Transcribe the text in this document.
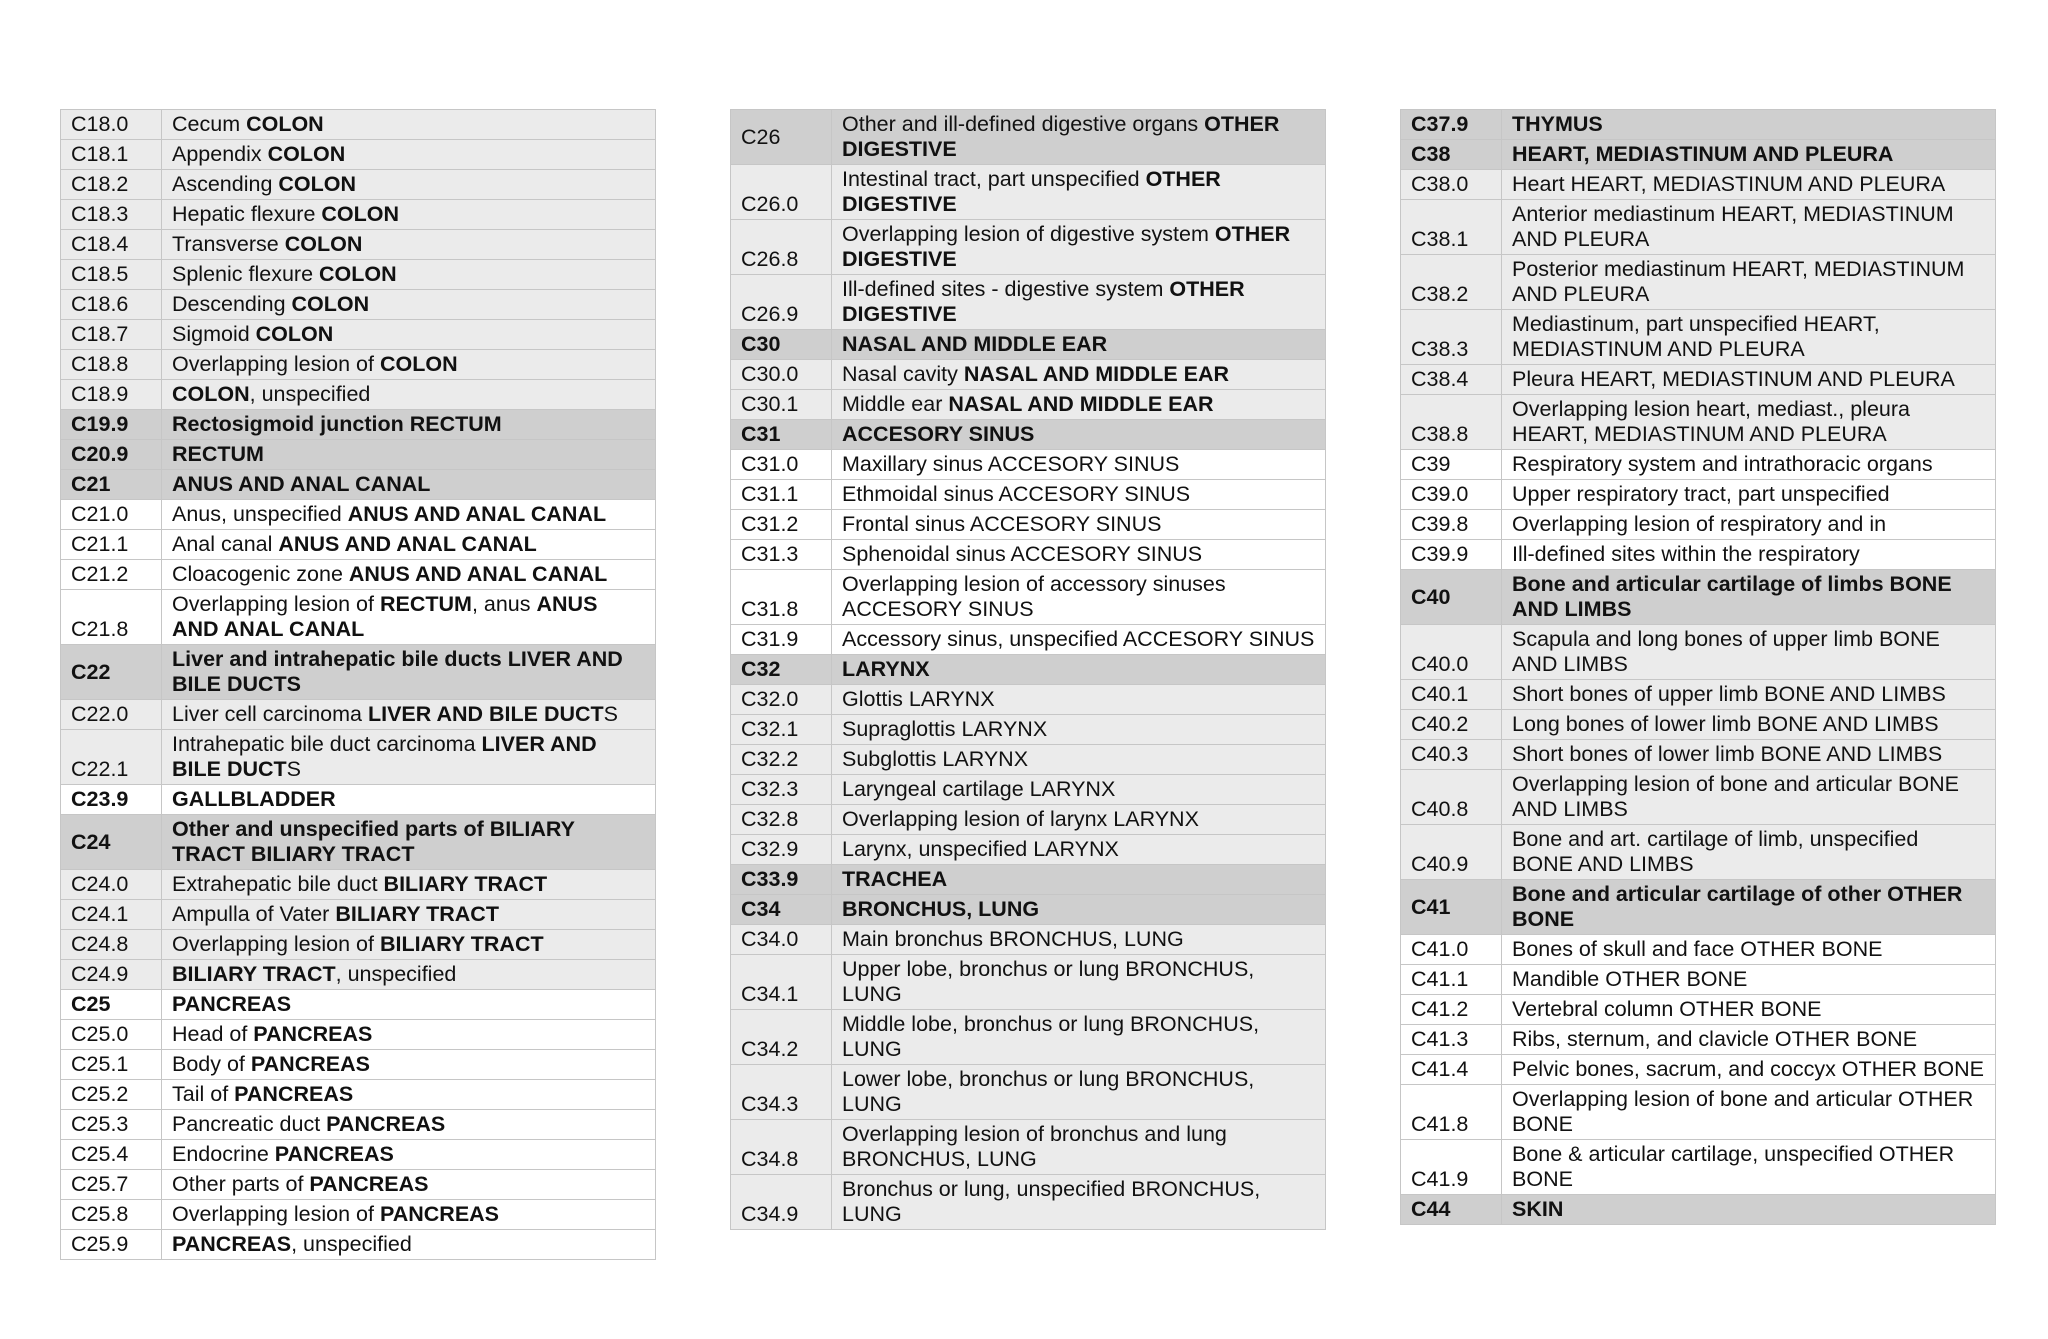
C18.0	Cecum COLON
C18.1	Appendix COLON
C18.2	Ascending COLON
C18.3	Hepatic flexure COLON
C18.4	Transverse COLON
C18.5	Splenic flexure COLON
C18.6	Descending COLON
C18.7	Sigmoid COLON
C18.8	Overlapping lesion of COLON
C18.9	COLON, unspecified
C19.9	Rectosigmoid junction RECTUM
C20.9	RECTUM
C21	ANUS AND ANAL CANAL
C21.0	Anus, unspecified ANUS AND ANAL CANAL
C21.1	Anal canal ANUS AND ANAL CANAL
C21.2	Cloacogenic zone ANUS AND ANAL CANAL
C21.8	Overlapping lesion of RECTUM, anus ANUS AND ANAL CANAL
C22	Liver and intrahepatic bile ducts LIVER AND BILE DUCTS
C22.0	Liver cell carcinoma LIVER AND BILE DUCTS
C22.1	Intrahepatic bile duct carcinoma LIVER AND BILE DUCTS
C23.9	GALLBLADDER
C24	Other and unspecified parts of BILIARY TRACT BILIARY TRACT
C24.0	Extrahepatic bile duct BILIARY TRACT
C24.1	Ampulla of Vater BILIARY TRACT
C24.8	Overlapping lesion of BILIARY TRACT
C24.9	BILIARY TRACT, unspecified
C25	PANCREAS
C25.0	Head of PANCREAS
C25.1	Body of PANCREAS
C25.2	Tail of PANCREAS
C25.3	Pancreatic duct PANCREAS
C25.4	Endocrine PANCREAS
C25.7	Other parts of PANCREAS
C25.8	Overlapping lesion of PANCREAS
C25.9	PANCREAS, unspecified
C26	Other and ill-defined digestive organs OTHER DIGESTIVE
C26.0	Intestinal tract, part unspecified OTHER DIGESTIVE
C26.8	Overlapping lesion of digestive system OTHER DIGESTIVE
C26.9	Ill-defined sites - digestive system OTHER DIGESTIVE
C30	NASAL AND MIDDLE EAR
C30.0	Nasal cavity NASAL AND MIDDLE EAR
C30.1	Middle ear NASAL AND MIDDLE EAR
C31	ACCESORY SINUS
C31.0	Maxillary sinus ACCESORY SINUS
C31.1	Ethmoidal sinus ACCESORY SINUS
C31.2	Frontal sinus ACCESORY SINUS
C31.3	Sphenoidal sinus ACCESORY SINUS
C31.8	Overlapping lesion of accessory sinuses ACCESORY SINUS
C31.9	Accessory sinus, unspecified ACCESORY SINUS
C32	LARYNX
C32.0	Glottis LARYNX
C32.1	Supraglottis LARYNX
C32.2	Subglottis LARYNX
C32.3	Laryngeal cartilage LARYNX
C32.8	Overlapping lesion of larynx LARYNX
C32.9	Larynx, unspecified LARYNX
C33.9	TRACHEA
C34	BRONCHUS, LUNG
C34.0	Main bronchus BRONCHUS, LUNG
C34.1	Upper lobe, bronchus or lung BRONCHUS, LUNG
C34.2	Middle lobe, bronchus or lung BRONCHUS, LUNG
C34.3	Lower lobe, bronchus or lung BRONCHUS, LUNG
C34.8	Overlapping lesion of bronchus and lung BRONCHUS, LUNG
C34.9	Bronchus or lung, unspecified BRONCHUS, LUNG
C37.9	THYMUS
C38	HEART, MEDIASTINUM AND PLEURA
C38.0	Heart HEART, MEDIASTINUM AND PLEURA
C38.1	Anterior mediastinum HEART, MEDIASTINUM AND PLEURA
C38.2	Posterior mediastinum HEART, MEDIASTINUM AND PLEURA
C38.3	Mediastinum, part unspecified HEART, MEDIASTINUM AND PLEURA
C38.4	Pleura HEART, MEDIASTINUM AND PLEURA
C38.8	Overlapping lesion heart, mediast., pleura HEART, MEDIASTINUM AND PLEURA
C39	Respiratory system and intrathoracic organs
C39.0	Upper respiratory tract, part unspecified
C39.8	Overlapping lesion of respiratory and in
C39.9	Ill-defined sites within the respiratory
C40	Bone and articular cartilage of limbs BONE AND LIMBS
C40.0	Scapula and long bones of upper limb BONE AND LIMBS
C40.1	Short bones of upper limb BONE AND LIMBS
C40.2	Long bones of lower limb BONE AND LIMBS
C40.3	Short bones of lower limb BONE AND LIMBS
C40.8	Overlapping lesion of bone and articular BONE AND LIMBS
C40.9	Bone and art. cartilage of limb, unspecified BONE AND LIMBS
C41	Bone and articular cartilage of other OTHER BONE
C41.0	Bones of skull and face OTHER BONE
C41.1	Mandible OTHER BONE
C41.2	Vertebral column OTHER BONE
C41.3	Ribs, sternum, and clavicle OTHER BONE
C41.4	Pelvic bones, sacrum, and coccyx OTHER BONE
C41.8	Overlapping lesion of bone and articular OTHER BONE
C41.9	Bone & articular cartilage, unspecified OTHER BONE
C44	SKIN
